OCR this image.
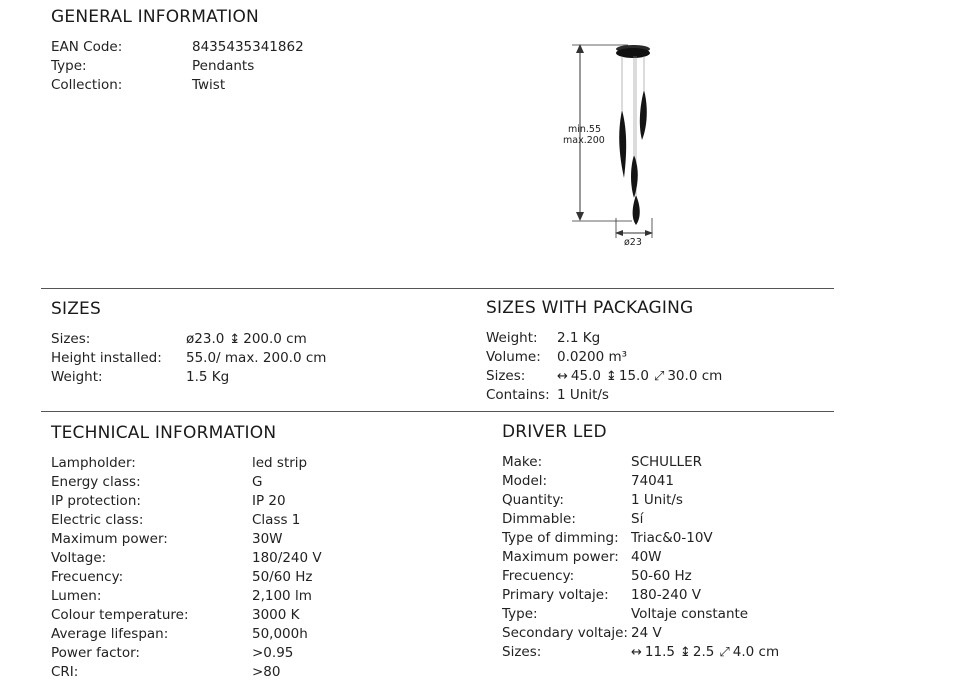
GENERAL INFORMATION
EAN Code:	8435435341862
Type:	Pendants
Collection:	Twist
min.55
max.200
ø23
SIZES
Sizes:	ø23.0 ↨ 200.0 cm
Height installed:	55.0/ max. 200.0 cm
Weight:	1.5 Kg
SIZES WITH PACKAGING
Weight:	2.1 Kg
Volume:	0.0200 m³
Sizes:	↔ 45.0 ↨ 15.0 ⤢ 30.0 cm
Contains: 1 Unit/s
TECHNICAL INFORMATION
Lampholder:	led strip
Energy class:	G
IP protection:	IP 20
Electric class:	Class 1
Maximum power:	30W
Voltage:	180/240 V
Frecuency:	50/60 Hz
Lumen:	2,100 lm
Colour temperature:	3000 K
Average lifespan:	50,000h
Power factor:	>0.95
CRI:	>80
DRIVER LED
Make:	SCHULLER
Model:	74041
Quantity:	1 Unit/s
Dimmable:	Sí
Type of dimming: Triac&0-10V
Maximum power: 40W
Frecuency:	50-60 Hz
Primary voltaje:	180-240 V
Type:	Voltaje constante
Secondary voltaje: 24 V
Sizes:	↔ 11.5 ↨ 2.5 ⤢ 4.0 cm
